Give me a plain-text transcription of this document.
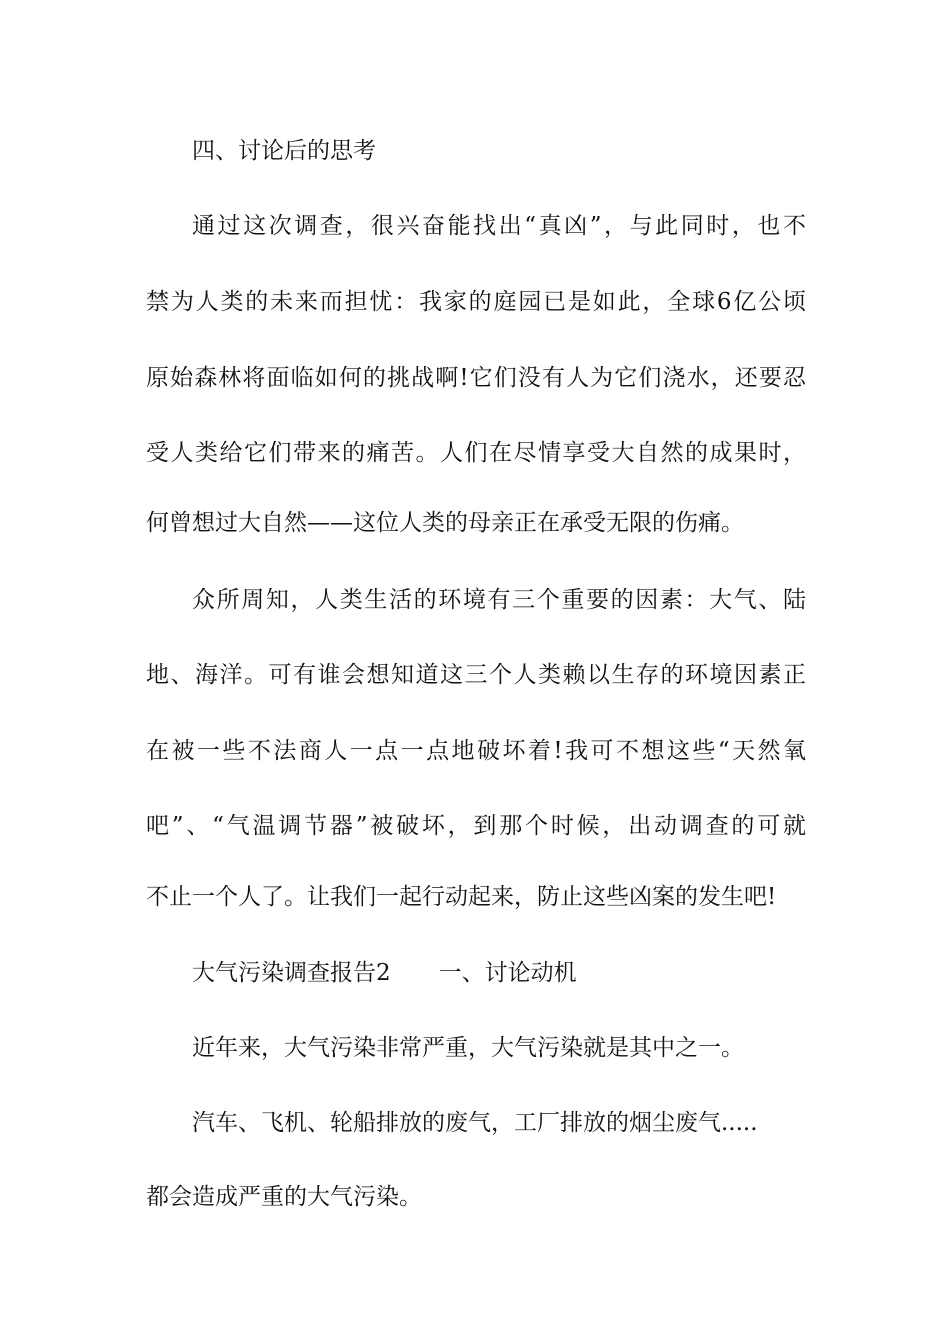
四、讨论后的思考
通过这次调查，很兴奋能找出“真凶”，与此同时，也不
禁为人类的未来而担忧：我家的庭园已是如此，全球6亿公顷
原始森林将面临如何的挑战啊!它们没有人为它们浇水，还要忍
受人类给它们带来的痛苦。人们在尽情享受大自然的成果时，
何曾想过大自然——这位人类的母亲正在承受无限的伤痛。
众所周知，人类生活的环境有三个重要的因素：大气、陆
地、海洋。可有谁会想知道这三个人类赖以生存的环境因素正
在被一些不法商人一点一点地破坏着!我可不想这些“天然氧
吧”、“气温调节器”被破坏，到那个时候，出动调查的可就
不止一个人了。让我们一起行动起来，防止这些凶案的发生吧!
大气污染调查报告2 一、讨论动机
近年来，大气污染非常严重，大气污染就是其中之一。
汽车、飞机、轮船排放的废气，工厂排放的烟尘废气.....
都会造成严重的大气污染。
